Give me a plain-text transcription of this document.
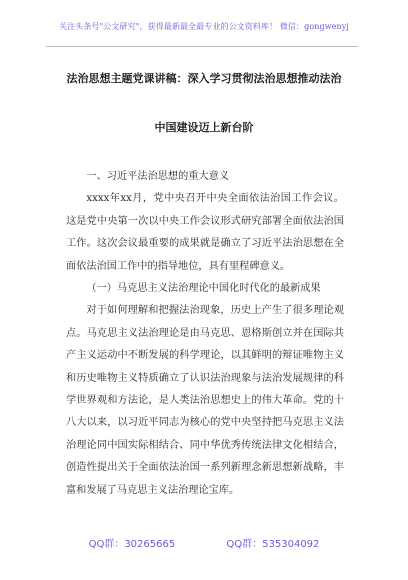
关注头条号"公文研究"，获得最新最全最专业的公文资料库！ 微信：gongwenyj
法治思想主题党课讲稿：深入学习贯彻法治思想推动法治
中国建设迈上新台阶

一、习近平法治思想的重大意义

xxxx年xx月，党中央召开中央全面依法治国工作会议。这是党中央第一次以中央工作会议形式研究部署全面依法治国工作。这次会议最重要的成果就是确立了习近平法治思想在全面依法治国工作中的指导地位，具有里程碑意义。

（一）马克思主义法治理论中国化时代化的最新成果

对于如何理解和把握法治现象，历史上产生了很多理论观点。马克思主义法治理论是由马克思、恩格斯创立并在国际共产主义运动中不断发展的科学理论，以其鲜明的辩证唯物主义和历史唯物主义特质确立了认识法治现象与法治发展规律的科学世界观和方法论，是人类法治思想史上的伟大革命。党的十八大以来，以习近平同志为核心的党中央坚持把马克思主义法治理论同中国实际相结合、同中华优秀传统法律文化相结合，创造性提出关于全面依法治国一系列新理念新思想新战略，丰富和发展了马克思主义法治理论宝库。

QQ群：30265665	QQ群：535304092
